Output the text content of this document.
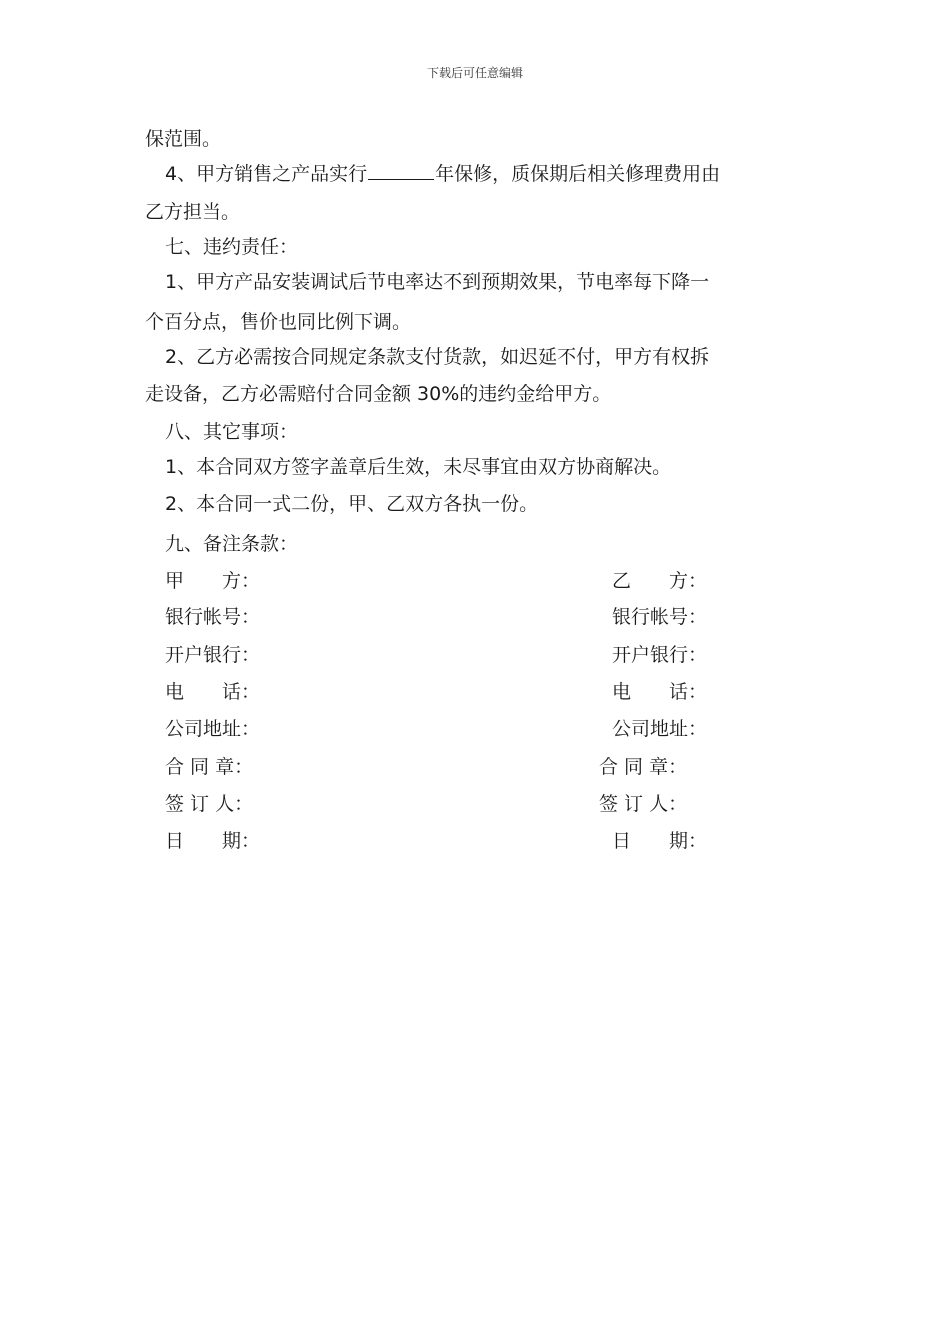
下载后可任意编辑
保范围。
4、甲方销售之产品实行	年保修，质保期后相关修理费用由
乙方担当。
七、违约责任：
1、甲方产品安装调试后节电率达不到预期效果，节电率每下降一
个百分点，售价也同比例下调。
2、乙方必需按合同规定条款支付货款，如迟延不付，甲方有权拆
走设备，乙方必需赔付合同金额 30%的违约金给甲方。
八、其它事项：
1、本合同双方签字盖章后生效，未尽事宜由双方协商解决。
2、本合同一式二份，甲、乙双方各执一份。
九、备注条款：
甲　　方：
银行帐号：
开户银行：
电　　话：
公司地址：
合 同 章：
签 订 人：
日　　期：
乙　　方：
银行帐号：
开户银行：
电　　话：
公司地址：
合 同 章：
签 订 人：
日　　期：
